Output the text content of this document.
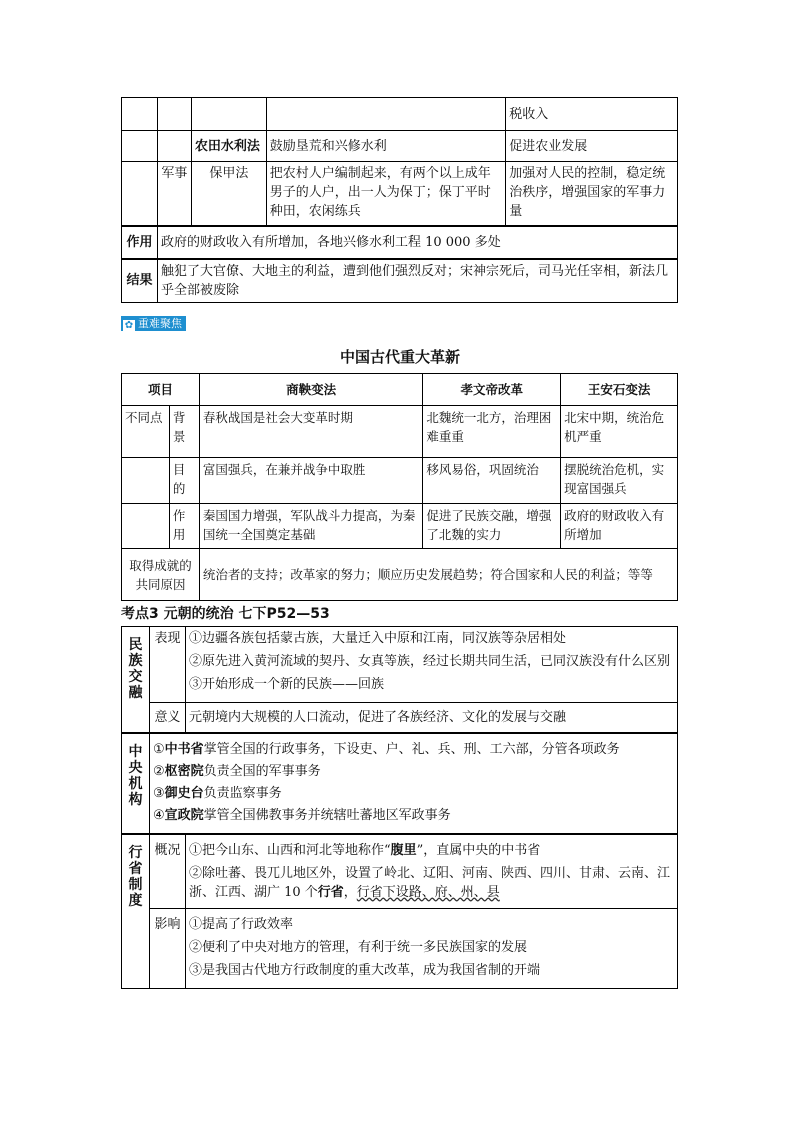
				税收入
		农田水利法	鼓励垦荒和兴修水利	促进农业发展
	军事	保甲法	把农村人户编制起来，有两个以上成年男子的人户，出一人为保丁；保丁平时种田，农闲练兵	加强对人民的控制，稳定统治秩序，增强国家的军事力量
作用	政府的财政收入有所增加，各地兴修水利工程 10 000 多处			
结果	触犯了大官僚、大地主的利益，遭到他们强烈反对；宋神宗死后，司马光任宰相，新法几乎全部被废除			
✿ 重难聚焦
中国古代重大革新
项目		商鞅变法	孝文帝改革	王安石变法
不同点	背景	春秋战国是社会大变革时期	北魏统一北方，治理困难重重	北宋中期，统治危机严重
	目的	富国强兵，在兼并战争中取胜	移风易俗，巩固统治	摆脱统治危机，实现富国强兵
	作用	秦国国力增强，军队战斗力提高，为秦国统一全国奠定基础	促进了民族交融，增强了北魏的实力	政府的财政收入有所增加
取得成就的共同原因		统治者的支持；改革家的努力；顺应历史发展趋势；符合国家和人民的利益；等等		
考点3 元朝的统治 七下P52—53
民族交融	表现	①边疆各族包括蒙古族，大量迁入中原和江南，同汉族等杂居相处
		②原先进入黄河流域的契丹、女真等族，经过长期共同生活，已同汉族没有什么区别
		③开始形成一个新的民族——回族
	意义	元朝境内大规模的人口流动，促进了各族经济、文化的发展与交融

中央机构	①中书省掌管全国的行政事务，下设吏、户、礼、兵、刑、工六部，分管各项政务
②枢密院负责全国的军事事务
③御史台负责监察事务
④宣政院掌管全国佛教事务并统辖吐蕃地区军政事务	

行省制度	概况	①把今山东、山西和河北等地称作“腹里”，直属中央的中书省
②除吐蕃、畏兀儿地区外，设置了岭北、辽阳、河南、陕西、四川、甘肃、云南、江浙、江西、湖广 10 个行省，行省下设路、府、州、县

	影响	①提高了行政效率
②便利了中央对地方的管理，有利于统一多民族国家的发展
③是我国古代地方行政制度的重大改革，成为我国省制的开端
